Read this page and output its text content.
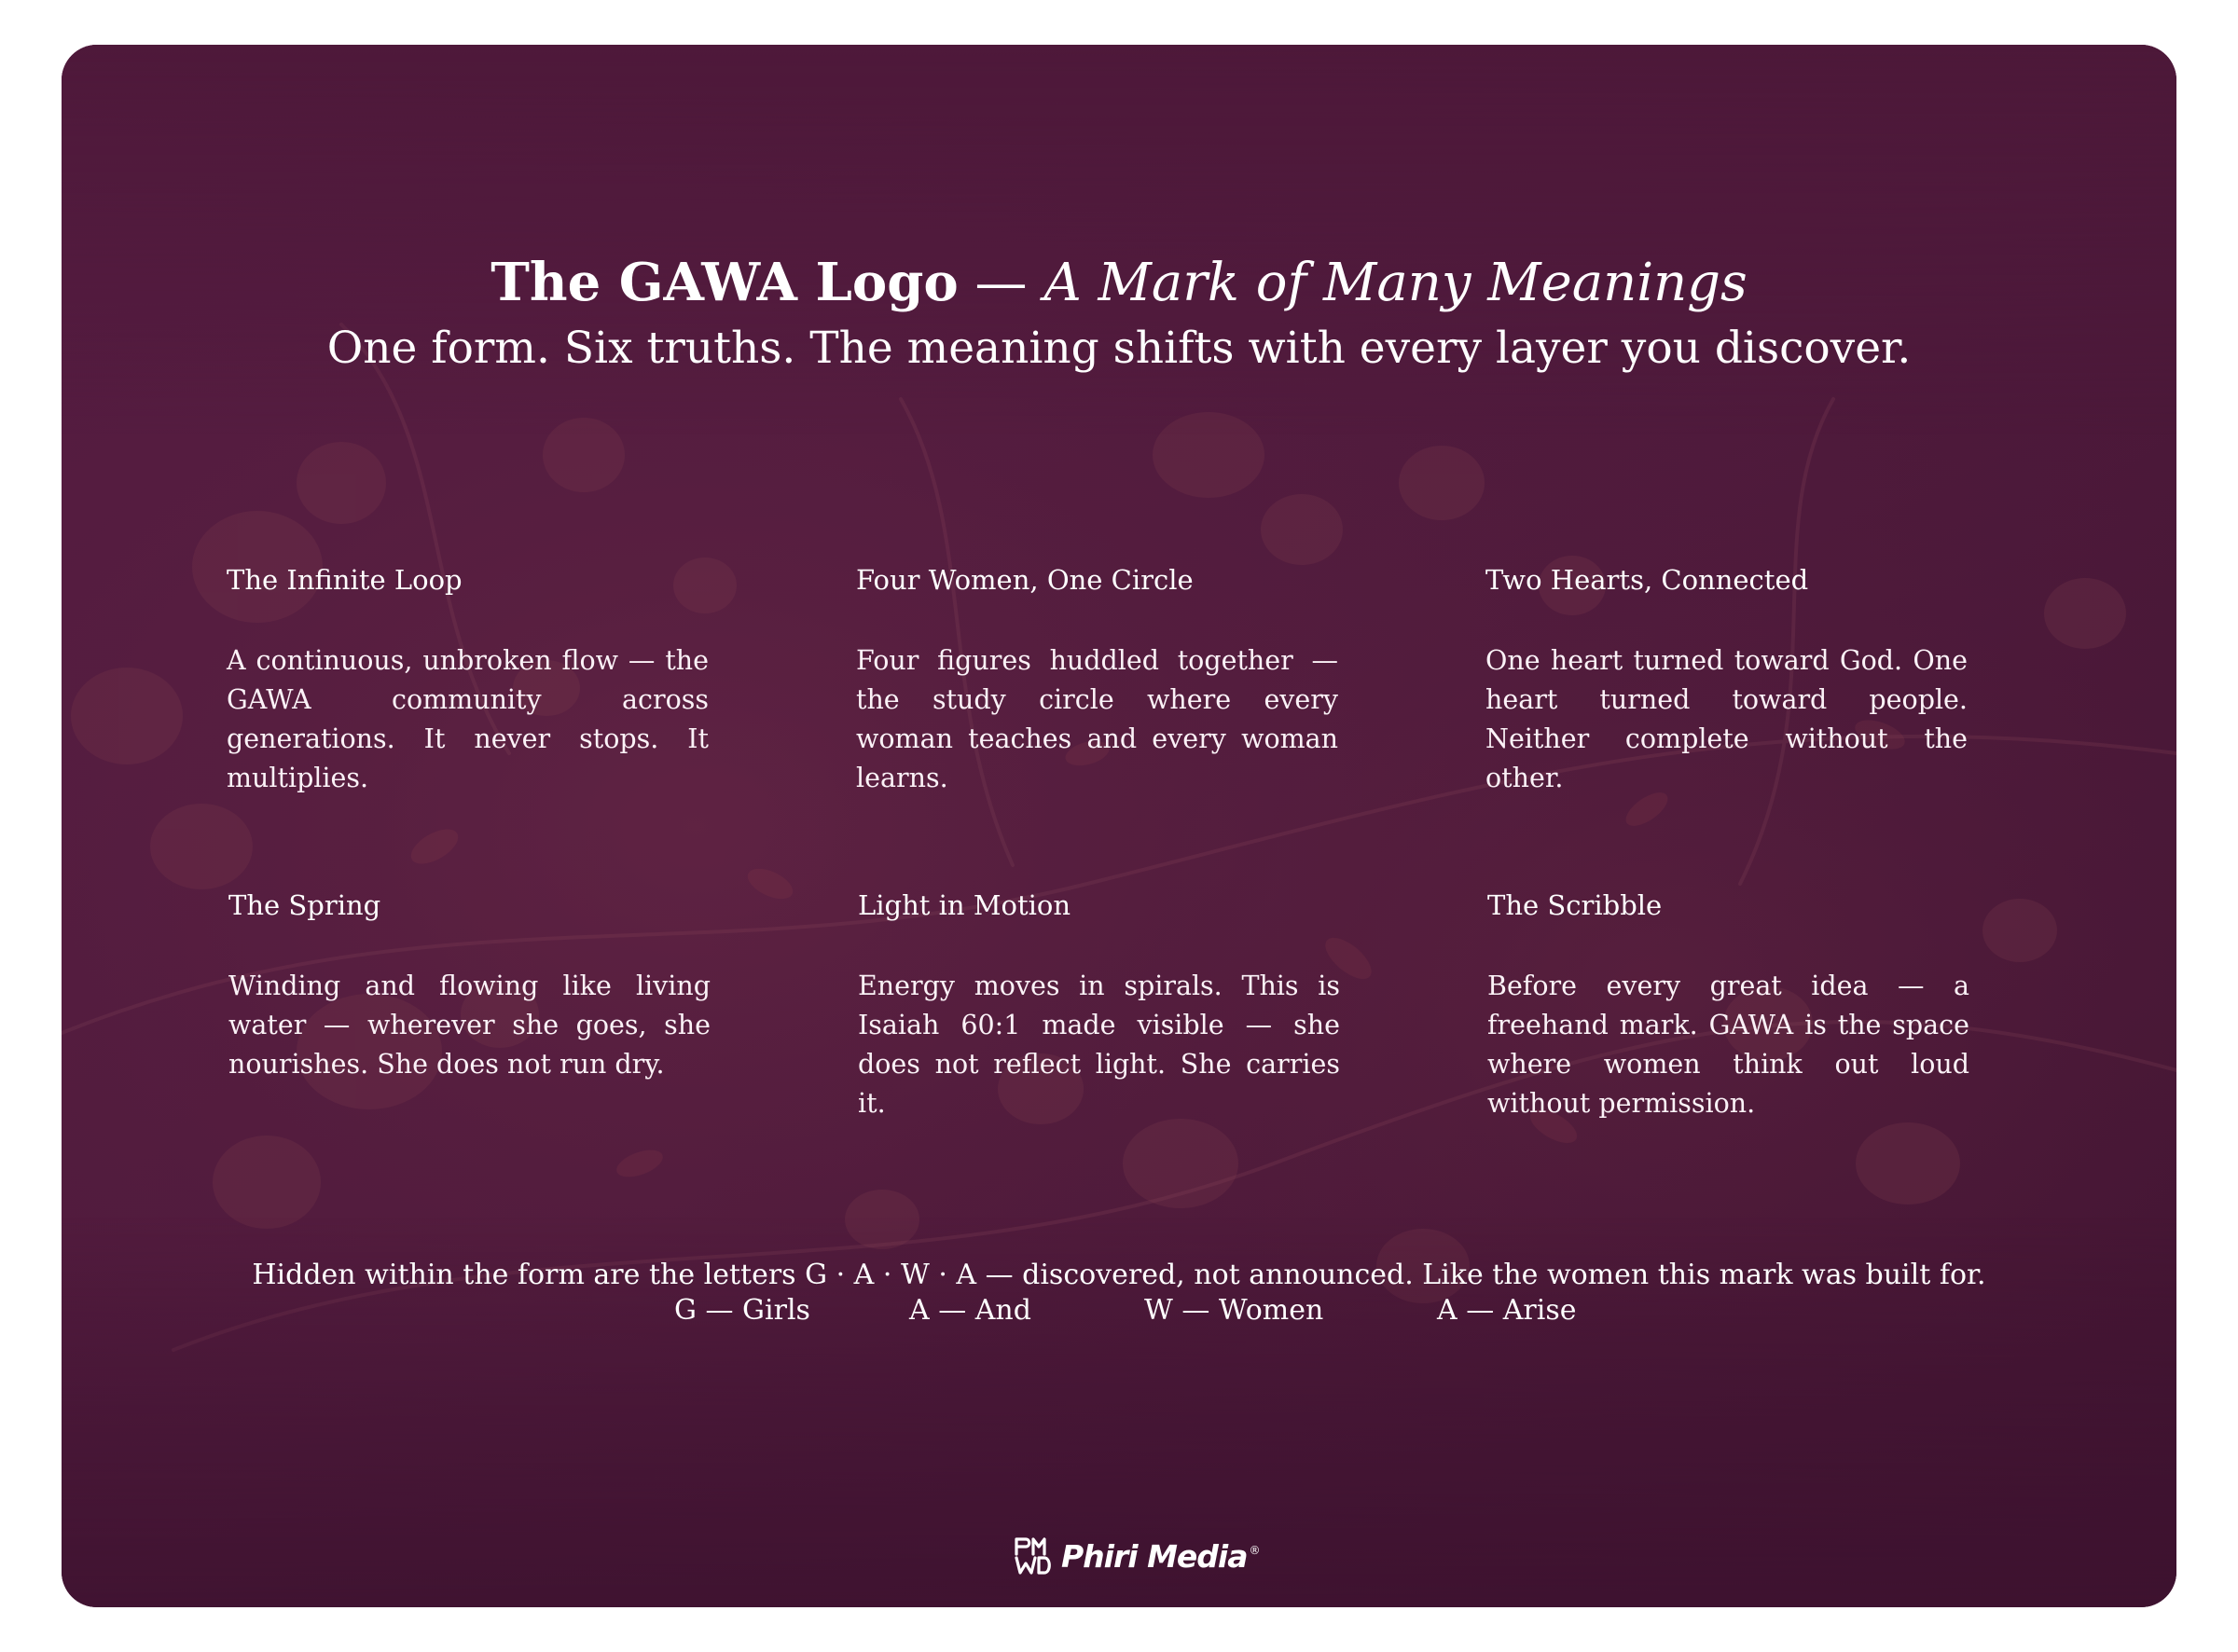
The GAWA Logo — A Mark of Many Meanings
One form. Six truths. The meaning shifts with every layer you discover.
The Infinite Loop
A continuous, unbroken flow — the GAWA community across generations. It never stops. It multiplies.
Four Women, One Circle
Four figures huddled together — the study circle where every woman teaches and every woman learns.
Two Hearts, Connected
One heart turned toward God. One heart turned toward people. Neither complete without the other.
The Spring
Winding and flowing like living water — wherever she goes, she nourishes. She does not run dry.
Light in Motion
Energy moves in spirals. This is Isaiah 60:1 made visible — she does not reflect light. She carries it.
The Scribble
Before every great idea — a freehand mark. GAWA is the space where women think out loud without permission.
Hidden within the form are the letters G · A · W · A — discovered, not announced. Like the women this mark was built for.
G — Girls	A — And	W — Women	A — Arise
Phiri Media ®
